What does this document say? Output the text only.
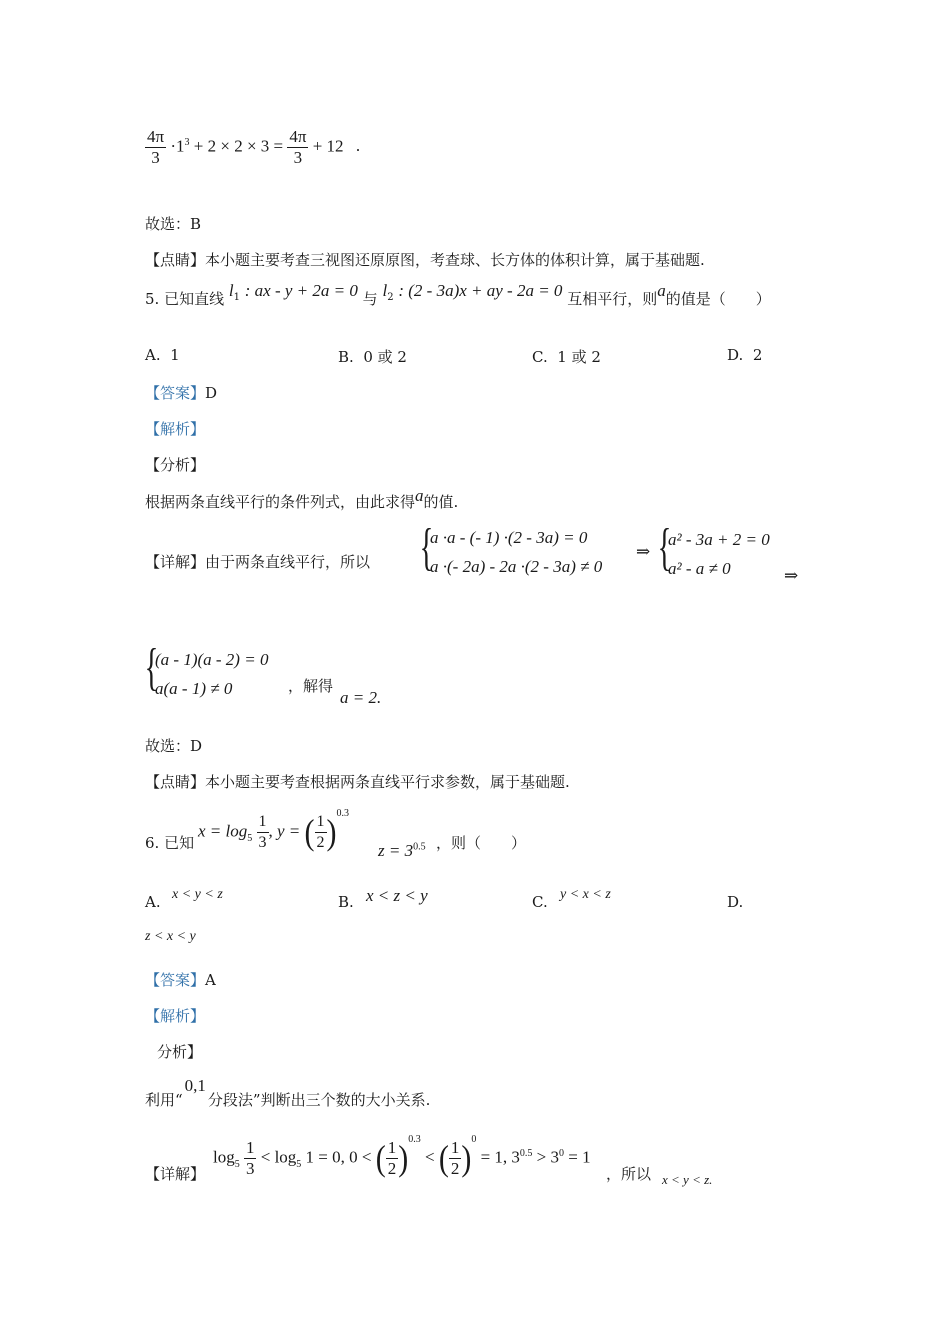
$\frac{4\pi}{3} \cdot 1^3 + 2 \times 2 \times 3 = \frac{4\pi}{3} + 12$ .
故选：B
【点睛】本小题主要考查三视图还原原图，考查球、长方体的体积计算，属于基础题.
5. 已知直线 $l_1$ : ax - y + 2a = 0 与 $l_2$ : (2 - 3a)x + ay - 2a = 0 互相平行，则a的值是（　　）
A. 1	B. 0 或 2	C. 1 或 2	D. 2
【答案】D
【解析】
【分析】
根据两条直线平行的条件列式，由此求得a的值.
【详解】由于两条直线平行，所以 {
a ·a - (- 1) ·(2 - 3a) = 0
a ·(- 2a) - 2a ·(2 - 3a) ≠ 0
⇒ {
a² - 3a + 2 = 0
a² - a ≠ 0	⇒
{
(a - 1)(a - 2) = 0
a(a - 1) ≠ 0	，解得
a = 2.
故选：D
【点睛】本小题主要考查根据两条直线平行求参数，属于基础题.
6. 已知
$x = \log_5 \frac{1}{3}$ , y = ( $\frac{1}{2} )^{0.3}$
$z = 3^{0.5}$ ，则（　　）
A. x < y < z	B. x < z < y	C. y < x < z	D.
z < x < y
【答案】A
【解析】
分析】
利用“0,1分段法”判断出三个数的大小关系.
【详解】
$\log_5 \frac{1}{3} < \log_5 1 = 0$, 0 < ( $\frac{1}{2} )^{0.3}$ < ( $\frac{1}{2} )^0 = 1$, $3^{0.5} > 3^0 = 1$
，所以 x < y < z.
